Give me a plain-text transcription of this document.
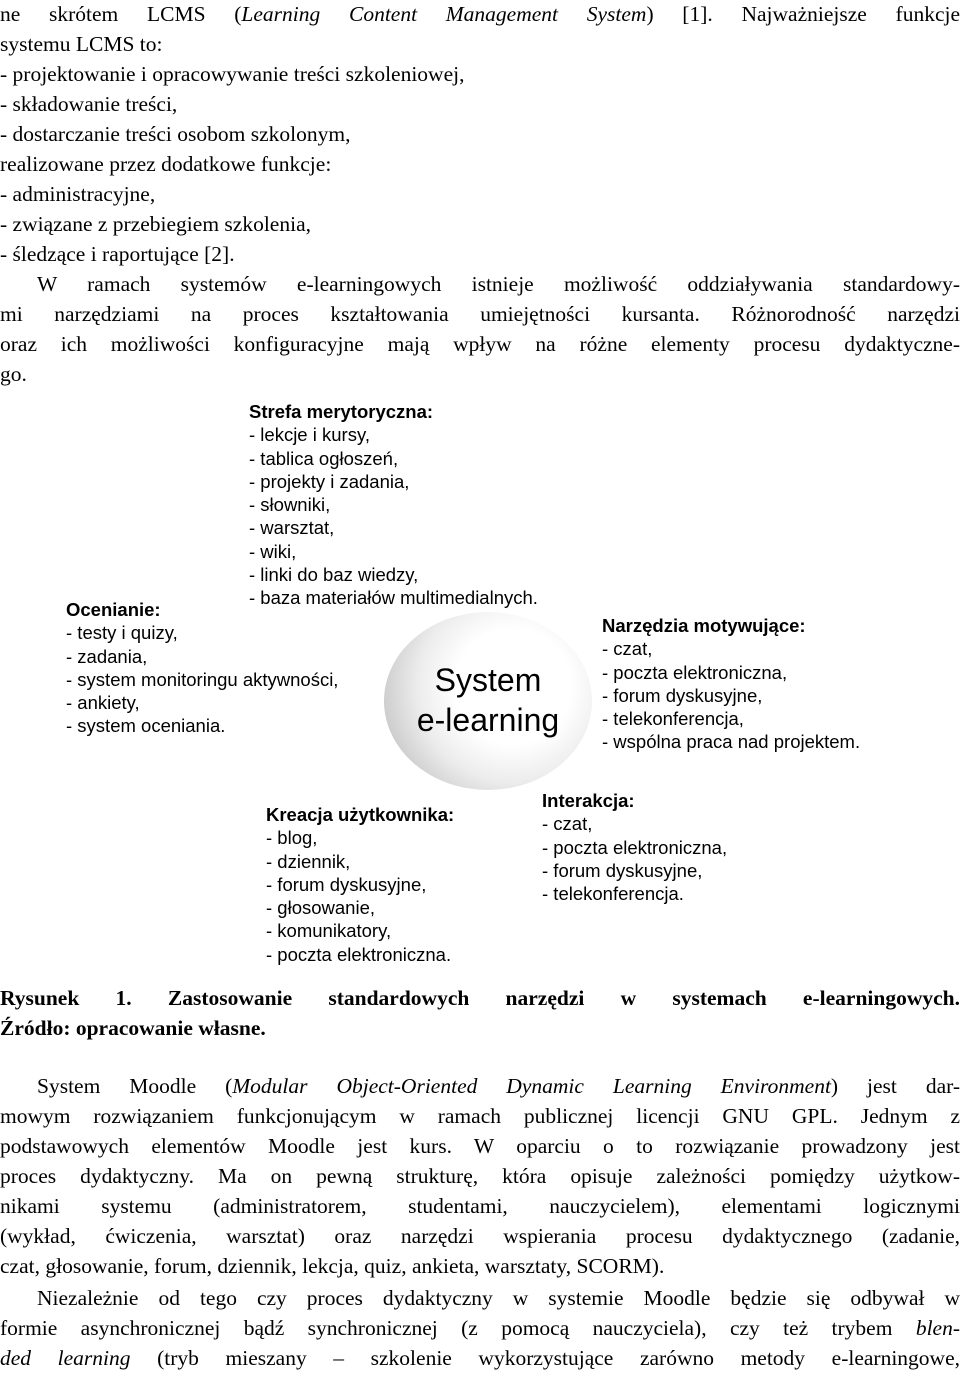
ne skrótem LCMS (Learning Content Management System) [1]. Najważniejsze funkcje
systemu LCMS to:
- projektowanie i opracowywanie treści szkoleniowej,
- składowanie treści,
- dostarczanie treści osobom szkolonym,
realizowane przez dodatkowe funkcje:
- administracyjne,
- związane z przebiegiem szkolenia,
- śledzące i raportujące [2].
W ramach systemów e-learningowych istnieje możliwość oddziaływania standardowy-
mi narzędziami na proces kształtowania umiejętności kursanta. Różnorodność narzędzi
oraz ich możliwości konfiguracyjne mają wpływ na różne elementy procesu dydaktyczne-
go.
Strefa merytoryczna:
- lekcje i kursy,
- tablica ogłoszeń,
- projekty i zadania,
- słowniki,
- warsztat,
- wiki,
- linki do baz wiedzy,
- baza materiałów multimedialnych.
Ocenianie:
- testy i quizy,
- zadania,
- system monitoringu aktywności,
- ankiety,
- system oceniania.
System
e-learning
Narzędzia motywujące:
- czat,
- poczta elektroniczna,
- forum dyskusyjne,
- telekonferencja,
- wspólna praca nad projektem.
Interakcja:
- czat,
- poczta elektroniczna,
- forum dyskusyjne,
- telekonferencja.
Kreacja użytkownika:
- blog,
- dziennik,
- forum dyskusyjne,
- głosowanie,
- komunikatory,
- poczta elektroniczna.
Rysunek 1. Zastosowanie standardowych narzędzi w systemach e-learningowych.
Źródło: opracowanie własne.
System Moodle (Modular Object-Oriented Dynamic Learning Environment) jest dar-
mowym rozwiązaniem funkcjonującym w ramach publicznej licencji GNU GPL. Jednym z
podstawowych elementów Moodle jest kurs. W oparciu o to rozwiązanie prowadzony jest
proces dydaktyczny. Ma on pewną strukturę, która opisuje zależności pomiędzy użytkow-
nikami systemu (administratorem, studentami, nauczycielem), elementami logicznymi
(wykład, ćwiczenia, warsztat) oraz narzędzi wspierania procesu dydaktycznego (zadanie,
czat, głosowanie, forum, dziennik, lekcja, quiz, ankieta, warsztaty, SCORM).
Niezależnie od tego czy proces dydaktyczny w systemie Moodle będzie się odbywał w
formie asynchronicznej bądź synchronicznej (z pomocą nauczyciela), czy też trybem blen-
ded learning (tryb mieszany – szkolenie wykorzystujące zarówno metody e-learningowe,
